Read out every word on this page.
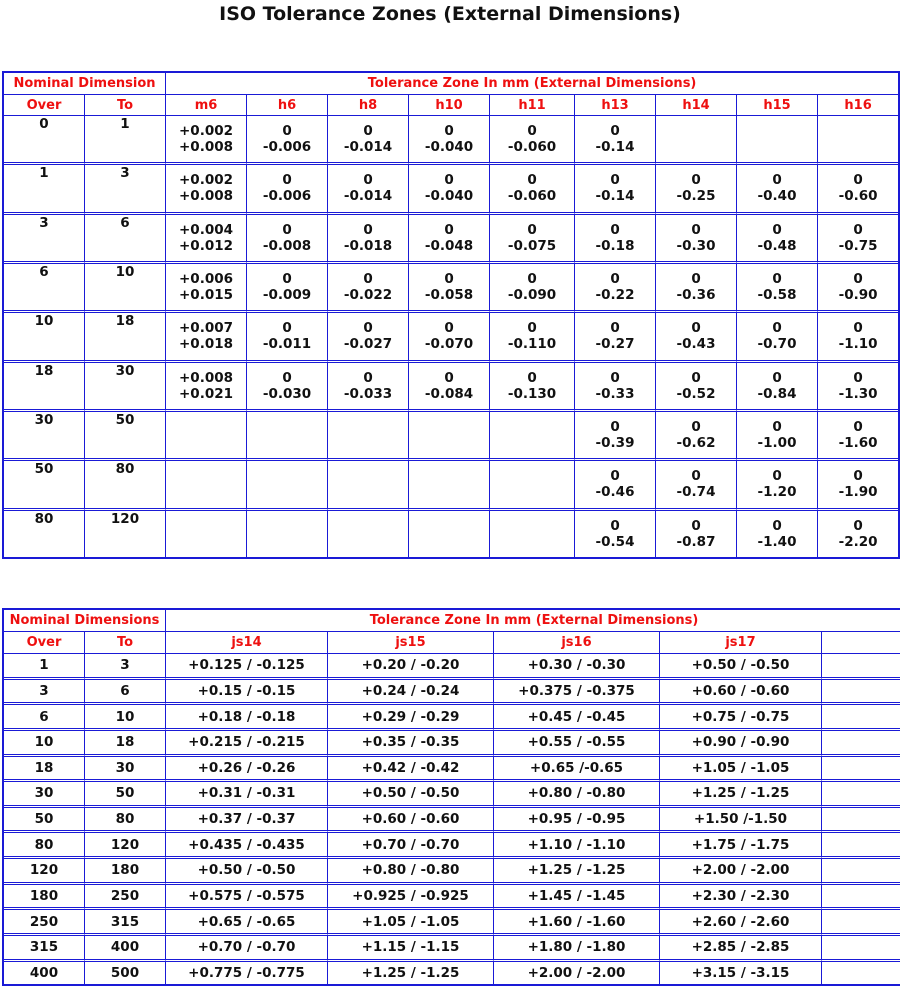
ISO Tolerance Zones (External Dimensions)
Nominal Dimension		Tolerance Zone In mm (External Dimensions)								
Over	To	m6	h6	h8	h10	h11	h13	h14	h15	h16
0	1	+0.002	0	0	0	0	0			
		+0.008	-0.006	-0.014	-0.040	-0.060	-0.14			
1	3	+0.002	0	0	0	0	0	0	0	0
		+0.008	-0.006	-0.014	-0.040	-0.060	-0.14	-0.25	-0.40	-0.60
3	6	+0.004	0	0	0	0	0	0	0	0
		+0.012	-0.008	-0.018	-0.048	-0.075	-0.18	-0.30	-0.48	-0.75
6	10	+0.006	0	0	0	0	0	0	0	0
		+0.015	-0.009	-0.022	-0.058	-0.090	-0.22	-0.36	-0.58	-0.90
10	18	+0.007	0	0	0	0	0	0	0	0
		+0.018	-0.011	-0.027	-0.070	-0.110	-0.27	-0.43	-0.70	-1.10
18	30	+0.008	0	0	0	0	0	0	0	0
		+0.021	-0.030	-0.033	-0.084	-0.130	-0.33	-0.52	-0.84	-1.30
30	50						0	0	0	0
							-0.39	-0.62	-1.00	-1.60
50	80						0	0	0	0
							-0.46	-0.74	-1.20	-1.90
80	120						0	0	0	0
							-0.54	-0.87	-1.40	-2.20
Nominal Dimensions		Tolerance Zone In mm (External Dimensions)				
Over	To	js14	js15	js16	js17	
1	3	+0.125 / -0.125	+0.20 / -0.20	+0.30 / -0.30	+0.50 / -0.50	
3	6	+0.15 / -0.15	+0.24 / -0.24	+0.375 / -0.375	+0.60 / -0.60	
6	10	+0.18 / -0.18	+0.29 / -0.29	+0.45 / -0.45	+0.75 / -0.75	
10	18	+0.215 / -0.215	+0.35 / -0.35	+0.55 / -0.55	+0.90 / -0.90	
18	30	+0.26 / -0.26	+0.42 / -0.42	+0.65 /-0.65	+1.05 / -1.05	
30	50	+0.31 / -0.31	+0.50 / -0.50	+0.80 / -0.80	+1.25 / -1.25	
50	80	+0.37 / -0.37	+0.60 / -0.60	+0.95 / -0.95	+1.50 /-1.50	
80	120	+0.435 / -0.435	+0.70 / -0.70	+1.10 / -1.10	+1.75 / -1.75	
120	180	+0.50 / -0.50	+0.80 / -0.80	+1.25 / -1.25	+2.00 / -2.00	
180	250	+0.575 / -0.575	+0.925 / -0.925	+1.45 / -1.45	+2.30 / -2.30	
250	315	+0.65 / -0.65	+1.05 / -1.05	+1.60 / -1.60	+2.60 / -2.60	
315	400	+0.70 / -0.70	+1.15 / -1.15	+1.80 / -1.80	+2.85 / -2.85	
400	500	+0.775 / -0.775	+1.25 / -1.25	+2.00 / -2.00	+3.15 / -3.15	
